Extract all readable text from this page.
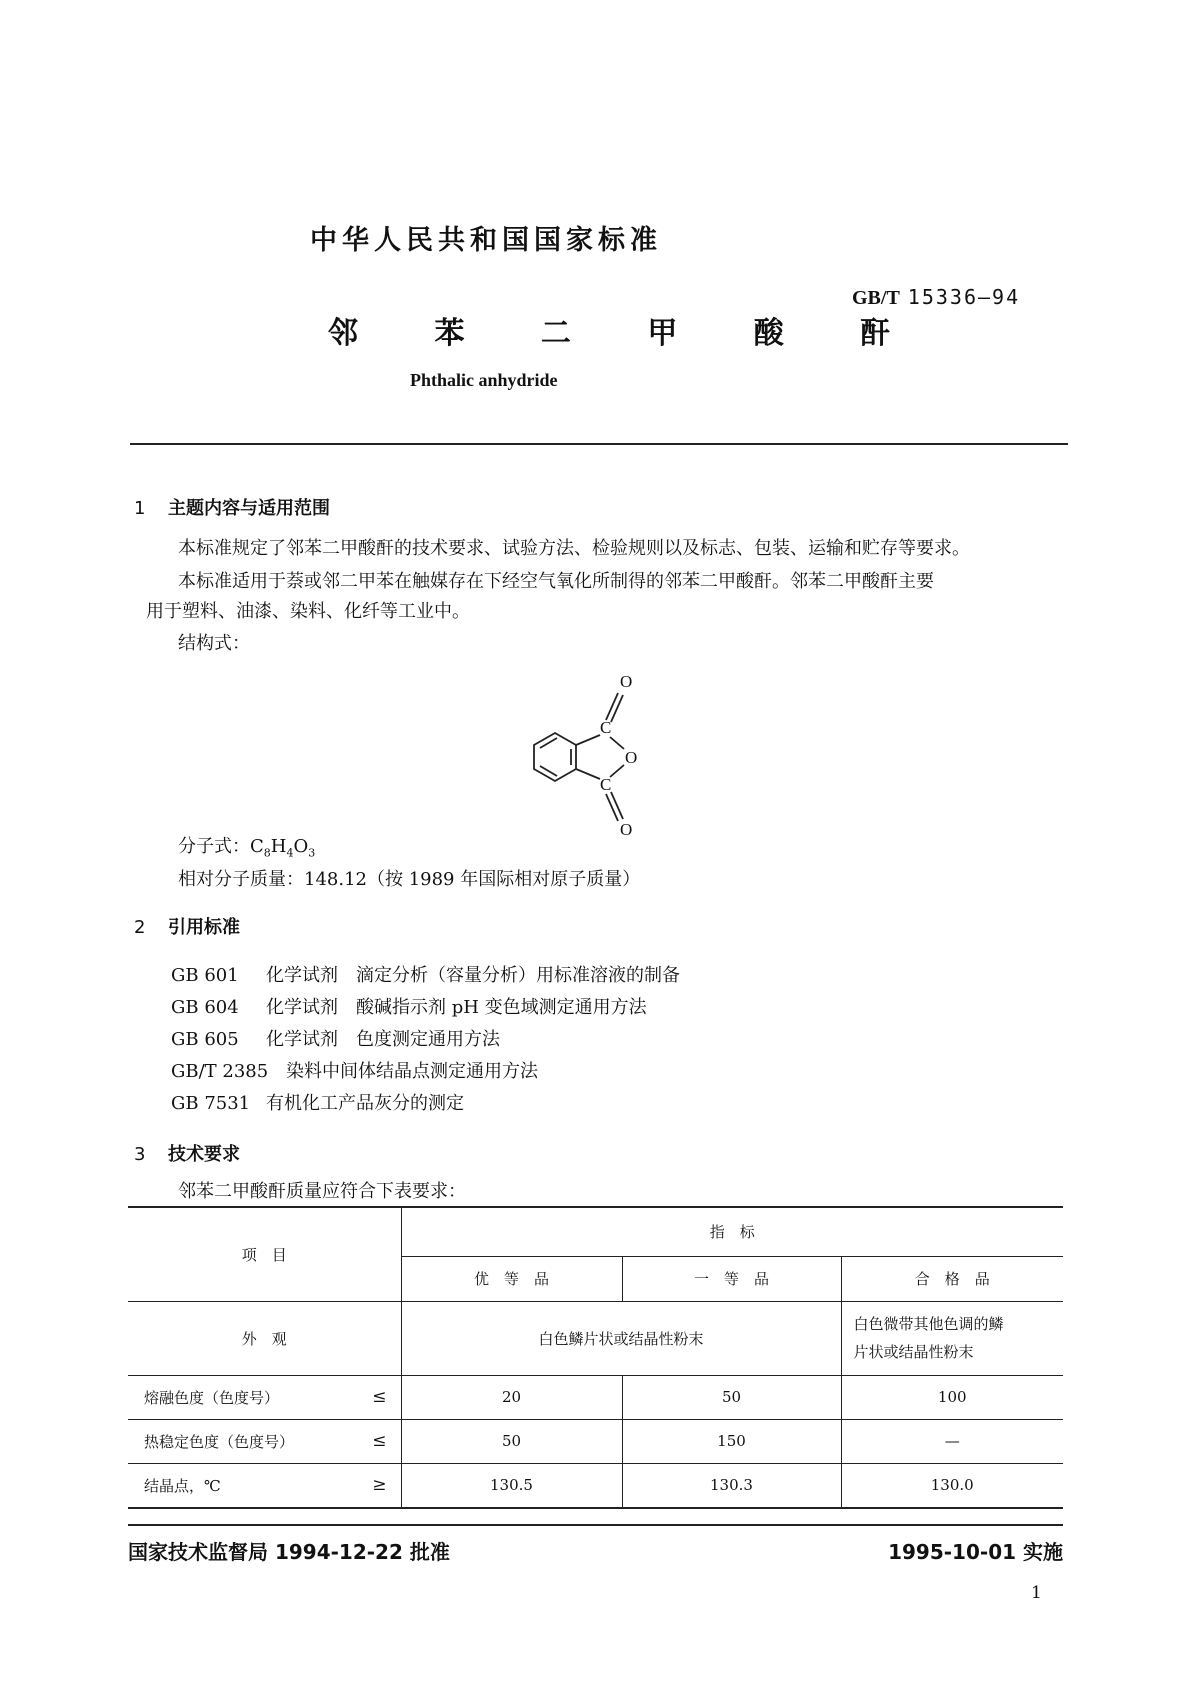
中华人民共和国国家标准
GB/T 15336—94
邻 苯 二 甲 酸 酐
Phthalic anhydride
1 主题内容与适用范围
本标准规定了邻苯二甲酸酐的技术要求、试验方法、检验规则以及标志、包装、运输和贮存等要求。
本标准适用于萘或邻二甲苯在触媒存在下经空气氧化所制得的邻苯二甲酸酐。邻苯二甲酸酐主要
用于塑料、油漆、染料、化纤等工业中。
结构式：
O
C
O
C
O
分子式：$C_8H_4O_3$
相对分子质量：148.12（按 1989 年国际相对原子质量）
2 引用标准
GB 601 化学试剂　滴定分析（容量分析）用标准溶液的制备
GB 604 化学试剂　酸碱指示剂 pH 变色域测定通用方法
GB 605 化学试剂　色度测定通用方法
GB/T 2385 染料中间体结晶点测定通用方法
GB 7531 有机化工产品灰分的测定
3 技术要求
邻苯二甲酸酐质量应符合下表要求：
项　目	指　标		
	优　等　品	一　等　品	合　格　品
外　观	白色鳞片状或结晶性粉末		白色微带其他色调的鳞
片状或结晶性粉末

熔融色度（色度号） ≤	20	50	100
热稳定色度（色度号） ≤	50	150	—
结晶点，℃ ≥	130.5	130.3	130.0
国家技术监督局 1994-12-22 批准	1995-10-01 实施
1
